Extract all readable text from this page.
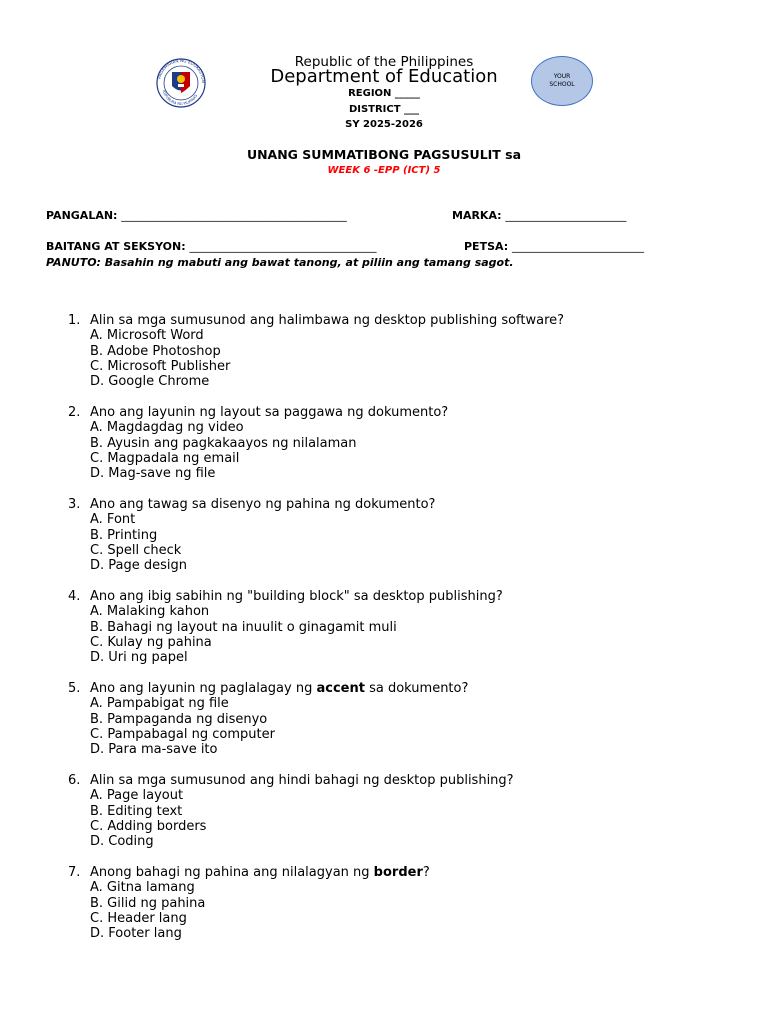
PAGAWARAN NG EDUKASYON
REPUBLIKA NG PILIPINAS
YOUR
SCHOOL
Republic of the Philippines
Department of Education
REGION _____
DISTRICT ___
SY 2025-2026
UNANG SUMMATIBONG PAGSUSULIT sa
WEEK 6 -EPP (ICT) 5
PANGALAN: _________________________________________	MARKA: ______________________
BAITANG AT SEKSYON: __________________________________	PETSA: ________________________
PANUTO: Basahin ng mabuti ang bawat tanong, at piliin ang tamang sagot.
1. Alin sa mga sumusunod ang halimbawa ng desktop publishing software?
A. Microsoft Word
B. Adobe Photoshop
C. Microsoft Publisher
D. Google Chrome
2. Ano ang layunin ng layout sa paggawa ng dokumento?
A. Magdagdag ng video
B. Ayusin ang pagkakaayos ng nilalaman
C. Magpadala ng email
D. Mag-save ng file
3. Ano ang tawag sa disenyo ng pahina ng dokumento?
A. Font
B. Printing
C. Spell check
D. Page design
4. Ano ang ibig sabihin ng "building block" sa desktop publishing?
A. Malaking kahon
B. Bahagi ng layout na inuulit o ginagamit muli
C. Kulay ng pahina
D. Uri ng papel
5. Ano ang layunin ng paglalagay ng accent sa dokumento?
A. Pampabigat ng file
B. Pampaganda ng disenyo
C. Pampabagal ng computer
D. Para ma-save ito
6. Alin sa mga sumusunod ang hindi bahagi ng desktop publishing?
A. Page layout
B. Editing text
C. Adding borders
D. Coding
7. Anong bahagi ng pahina ang nilalagyan ng border?
A. Gitna lamang
B. Gilid ng pahina
C. Header lang
D. Footer lang
